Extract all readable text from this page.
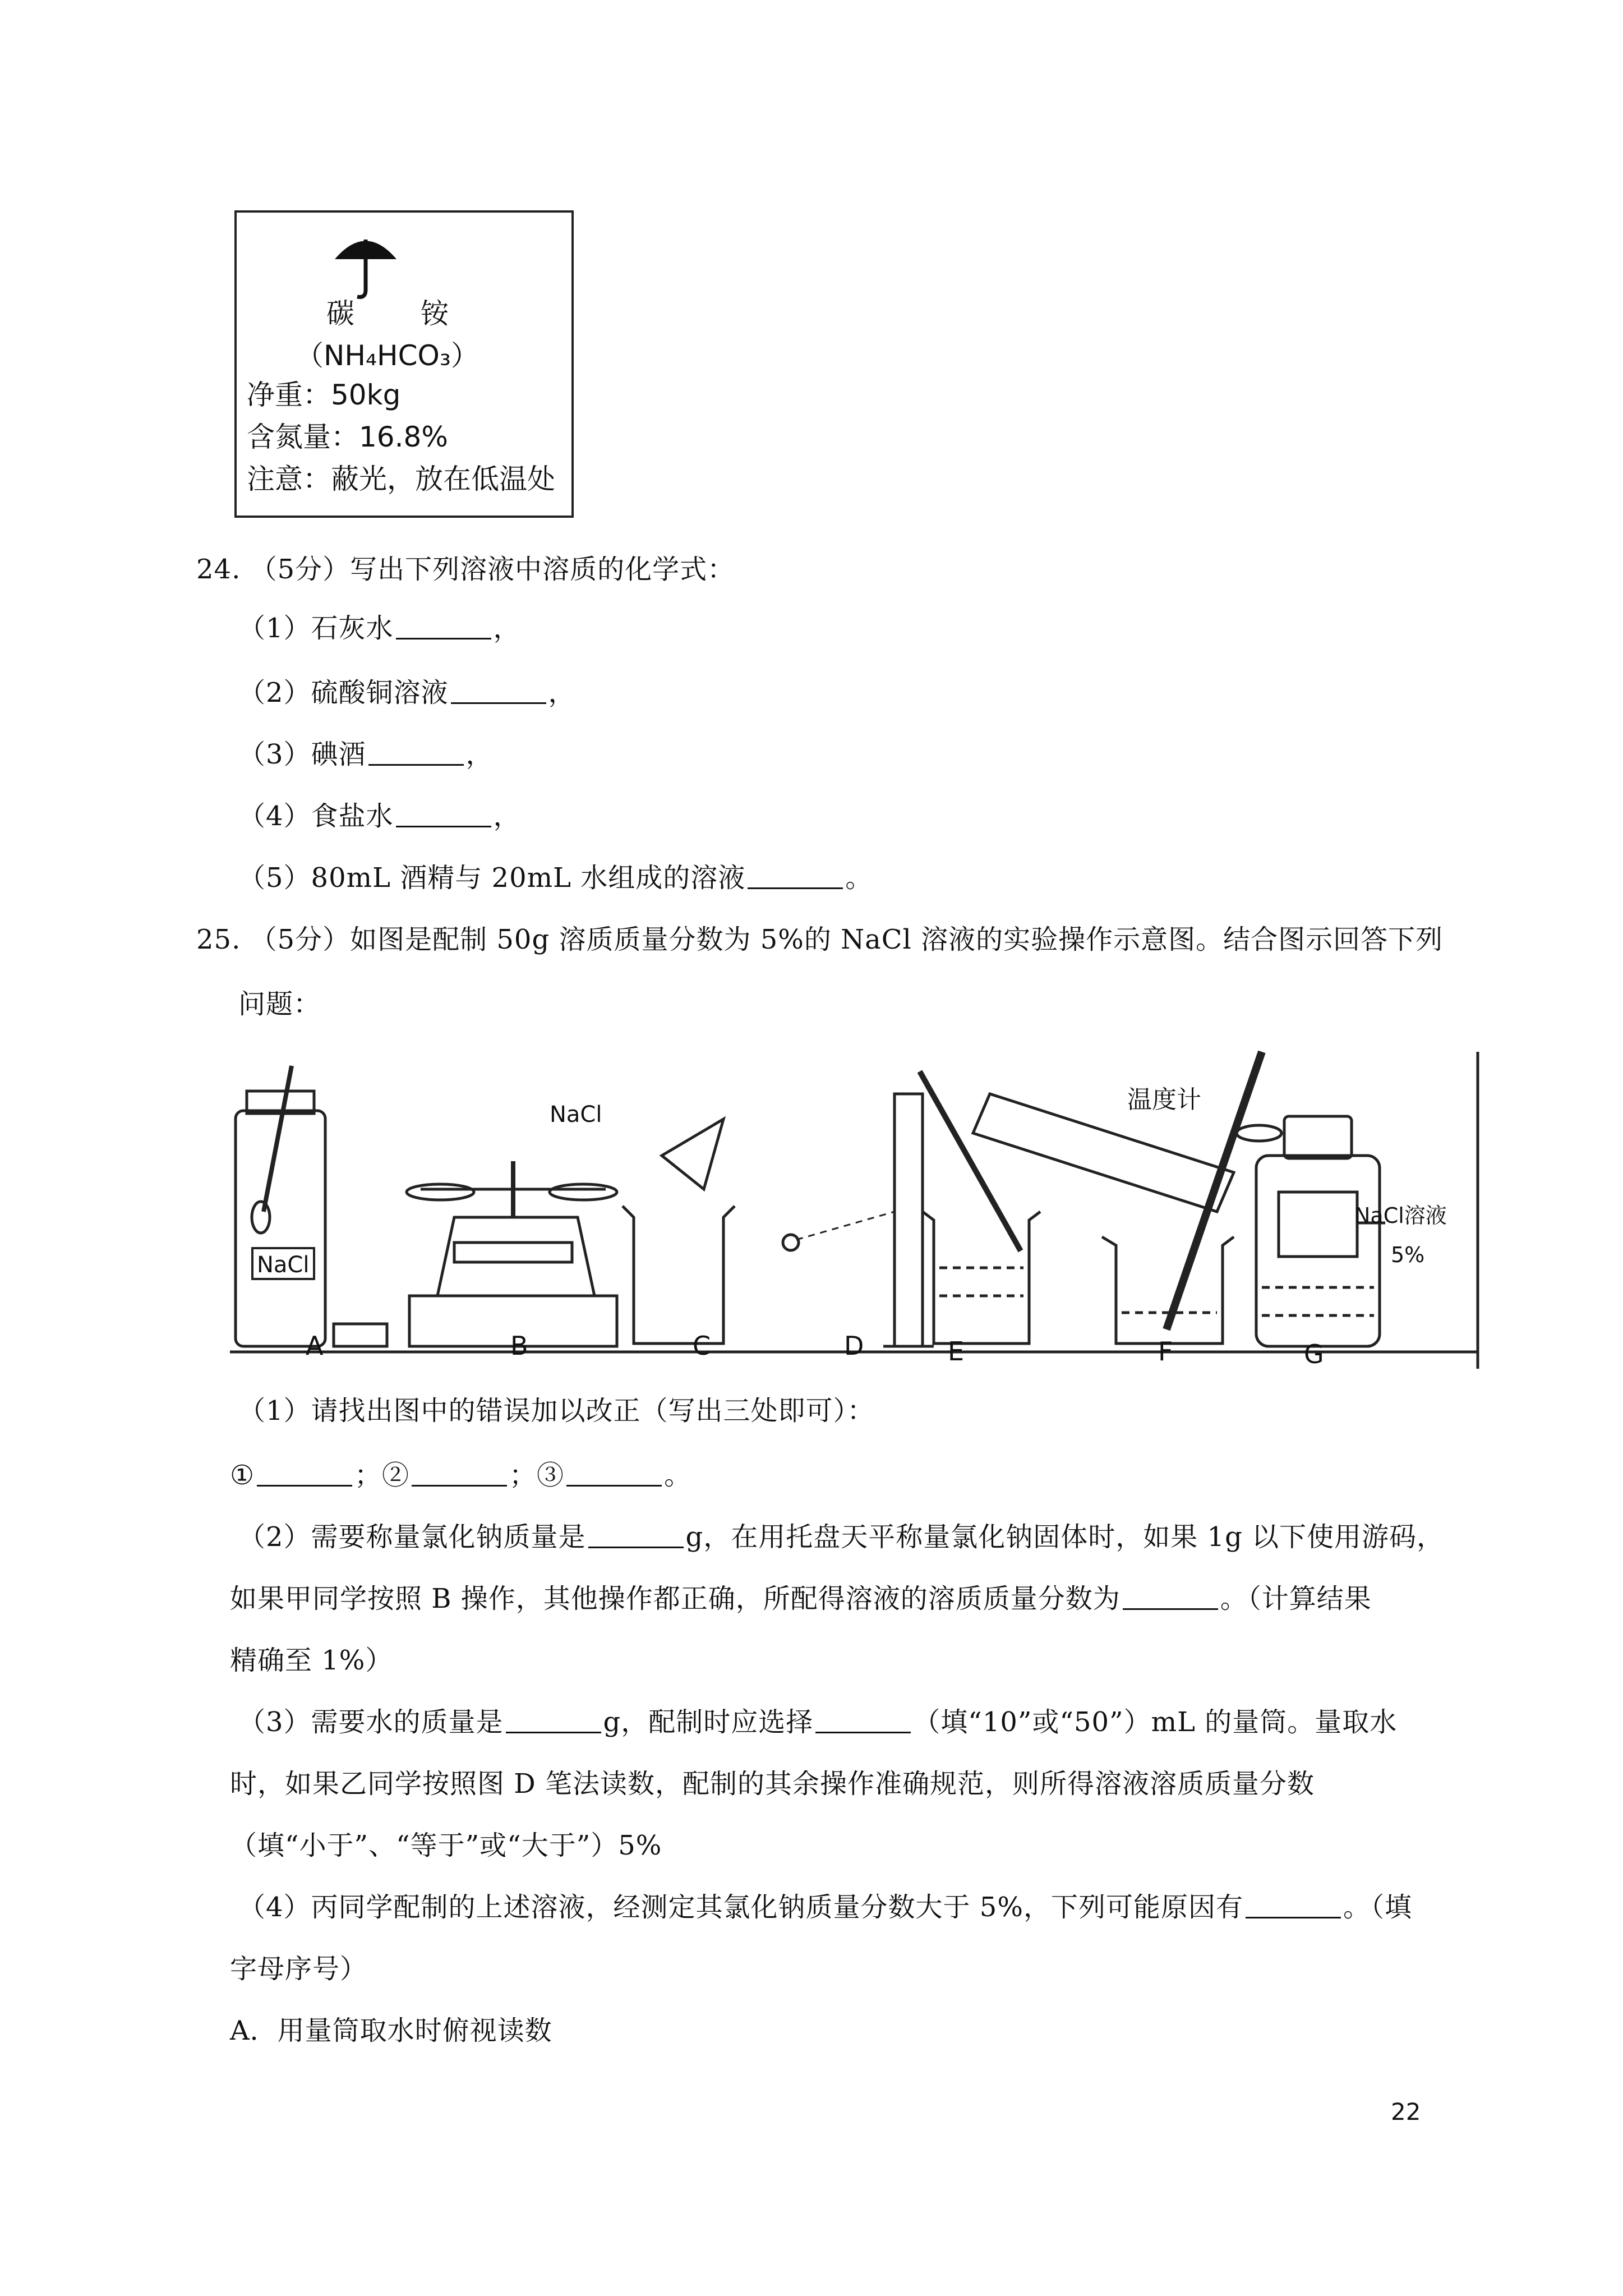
碳　　铵
（NH₄HCO₃）
净重：50kg
含氮量：16.8%
注意：蔽光，放在低温处
24. （5分）写出下列溶液中溶质的化学式：
（1）石灰水	，
（2）硫酸铜溶液	，
（3）碘酒	，
（4）食盐水	，
（5）80mL 酒精与 20mL 水组成的溶液	。
25. （5分）如图是配制 50g 溶质质量分数为 5%的 NaCl 溶液的实验操作示意图。结合图示回答下列
问题：
NaCl
NaCl
温度计
NaCl溶液
5%
A	B	C	D	E	F	G
（1）请找出图中的错误加以改正（写出三处即可）：
①	；②	；③	。
（2）需要称量氯化钠质量是	g，在用托盘天平称量氯化钠固体时，如果 1g 以下使用游码，
如果甲同学按照 B 操作，其他操作都正确，所配得溶液的溶质质量分数为	。（计算结果
精确至 1%）
（3）需要水的质量是	g，配制时应选择	（填“10”或“50”）mL 的量筒。量取水
时，如果乙同学按照图 D 笔法读数，配制的其余操作准确规范，则所得溶液溶质质量分数
（填“小于”、“等于”或“大于”）5%
（4）丙同学配制的上述溶液，经测定其氯化钠质量分数大于 5%，下列可能原因有	。（填
字母序号）
A．用量筒取水时俯视读数
22
